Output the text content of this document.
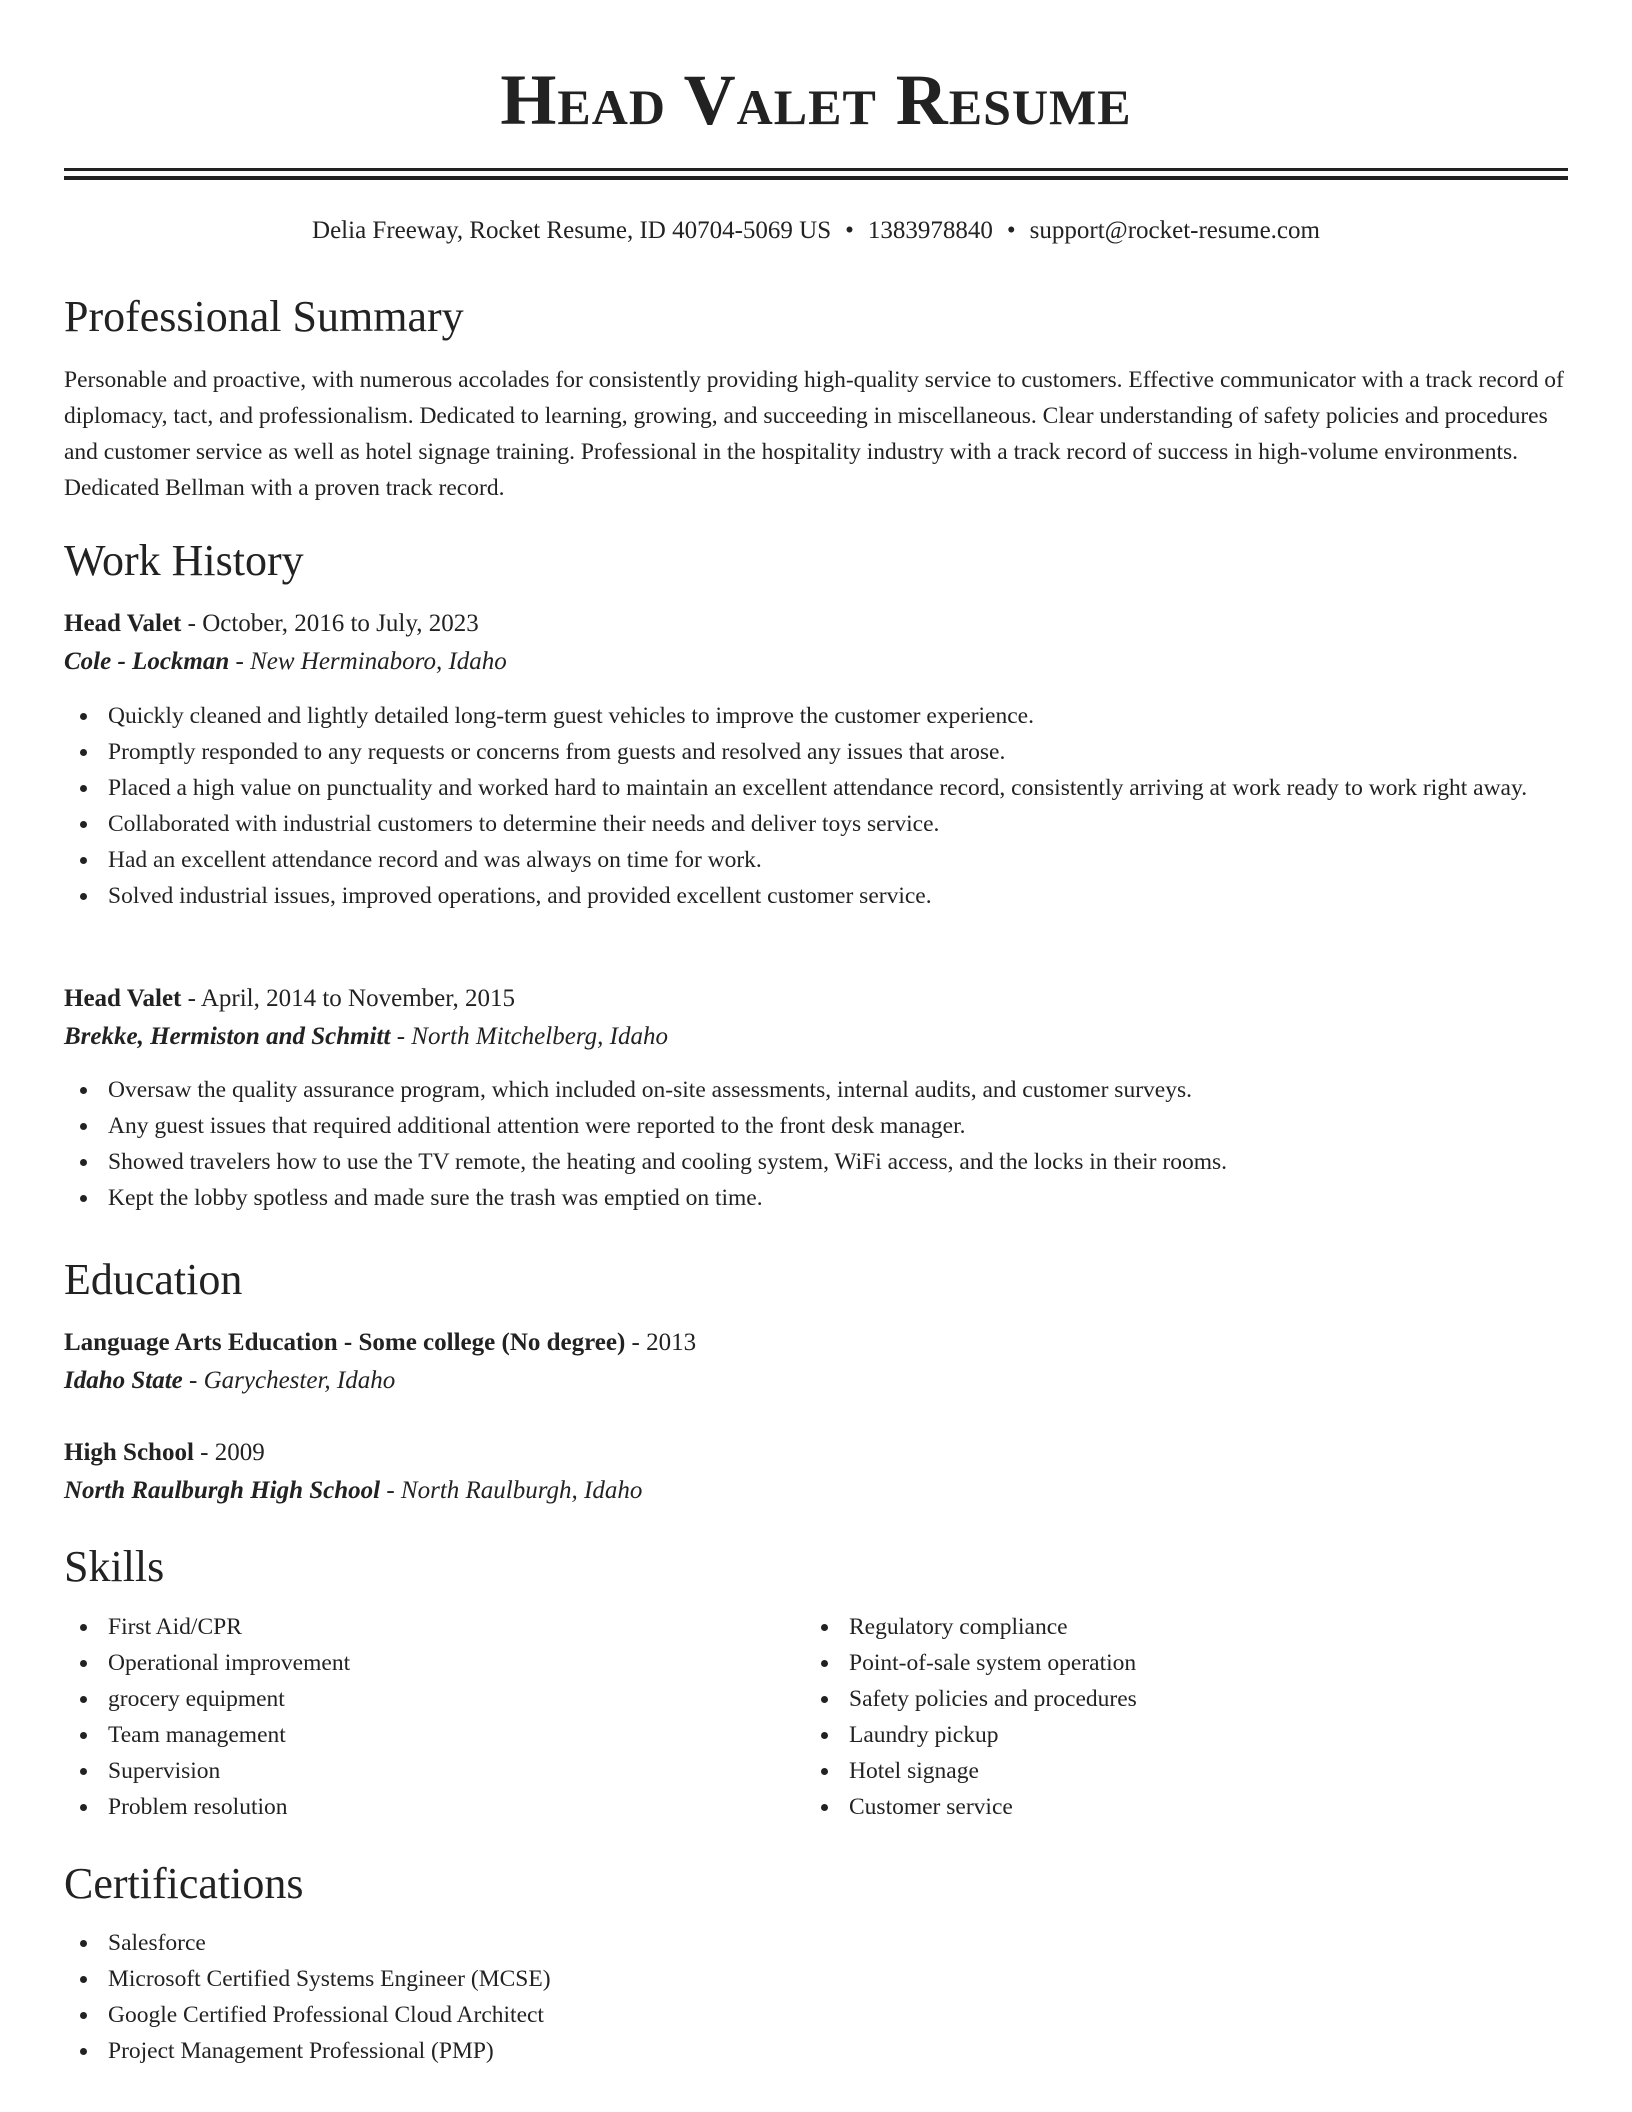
Head Valet Resume
Delia Freeway, Rocket Resume, ID 40704-5069 US • 1383978840 • support@rocket-resume.com
Professional Summary
Personable and proactive, with numerous accolades for consistently providing high-quality service to customers. Effective communicator with a track record of diplomacy, tact, and professionalism. Dedicated to learning, growing, and succeeding in miscellaneous. Clear understanding of safety policies and procedures and customer service as well as hotel signage training. Professional in the hospitality industry with a track record of success in high-volume environments. Dedicated Bellman with a proven track record.
Work History
Head Valet - October, 2016 to July, 2023
Cole - Lockman - New Herminaboro, Idaho
Quickly cleaned and lightly detailed long-term guest vehicles to improve the customer experience.
Promptly responded to any requests or concerns from guests and resolved any issues that arose.
Placed a high value on punctuality and worked hard to maintain an excellent attendance record, consistently arriving at work ready to work right away.
Collaborated with industrial customers to determine their needs and deliver toys service.
Had an excellent attendance record and was always on time for work.
Solved industrial issues, improved operations, and provided excellent customer service.
Head Valet - April, 2014 to November, 2015
Brekke, Hermiston and Schmitt - North Mitchelberg, Idaho
Oversaw the quality assurance program, which included on-site assessments, internal audits, and customer surveys.
Any guest issues that required additional attention were reported to the front desk manager.
Showed travelers how to use the TV remote, the heating and cooling system, WiFi access, and the locks in their rooms.
Kept the lobby spotless and made sure the trash was emptied on time.
Education
Language Arts Education - Some college (No degree) - 2013
Idaho State - Garychester, Idaho
High School - 2009
North Raulburgh High School - North Raulburgh, Idaho
Skills
First Aid/CPR
Operational improvement
grocery equipment
Team management
Supervision
Problem resolution
Regulatory compliance
Point-of-sale system operation
Safety policies and procedures
Laundry pickup
Hotel signage
Customer service
Certifications
Salesforce
Microsoft Certified Systems Engineer (MCSE)
Google Certified Professional Cloud Architect
Project Management Professional (PMP)
